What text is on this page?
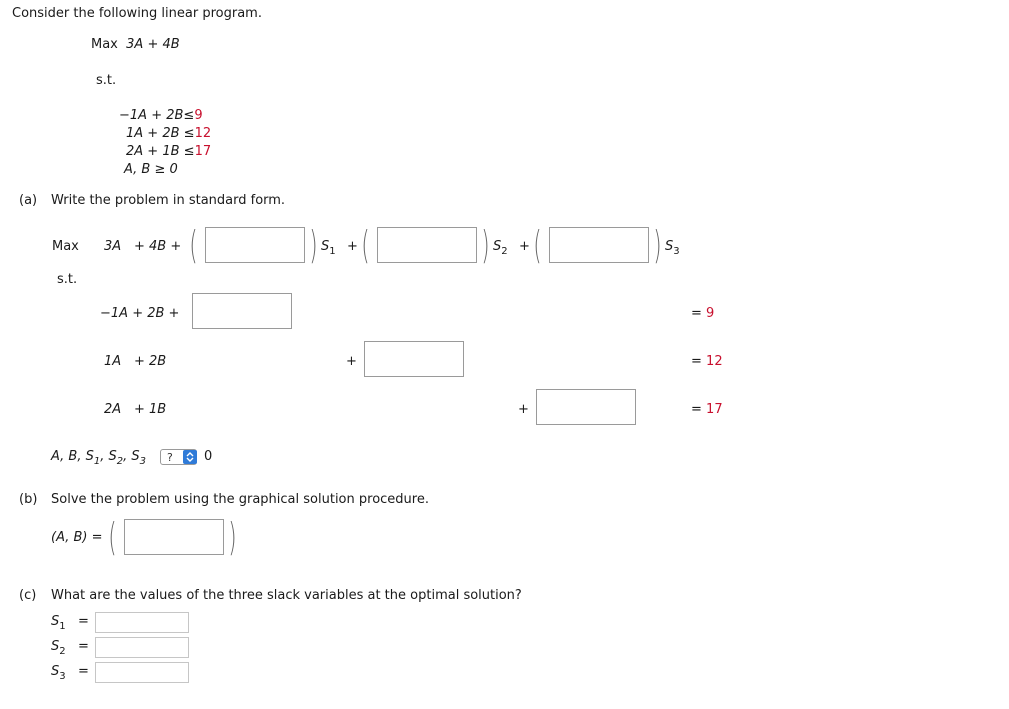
Consider the following linear program.
Max 3A + 4B
s.t.
−1A + 2B≤9
1A + 2B ≤12
2A + 1B ≤17
A, B ≥ 0
(a) Write the problem in standard form.
Max 3A + 4B + (	) $S_1$ + (	) $S_2$ + (	) $S_3$
s.t.
−1A + 2B +	= 9
1A + 2B	+	= 12
2A + 1B	+	= 17
A, B, $S_1$, $S_2$, $S_3$	?	0
(b) Solve the problem using the graphical solution procedure.
(A, B) = (	)
(c) What are the values of the three slack variables at the optimal solution?
$S_1$ =
$S_2$ =
$S_3$ =
